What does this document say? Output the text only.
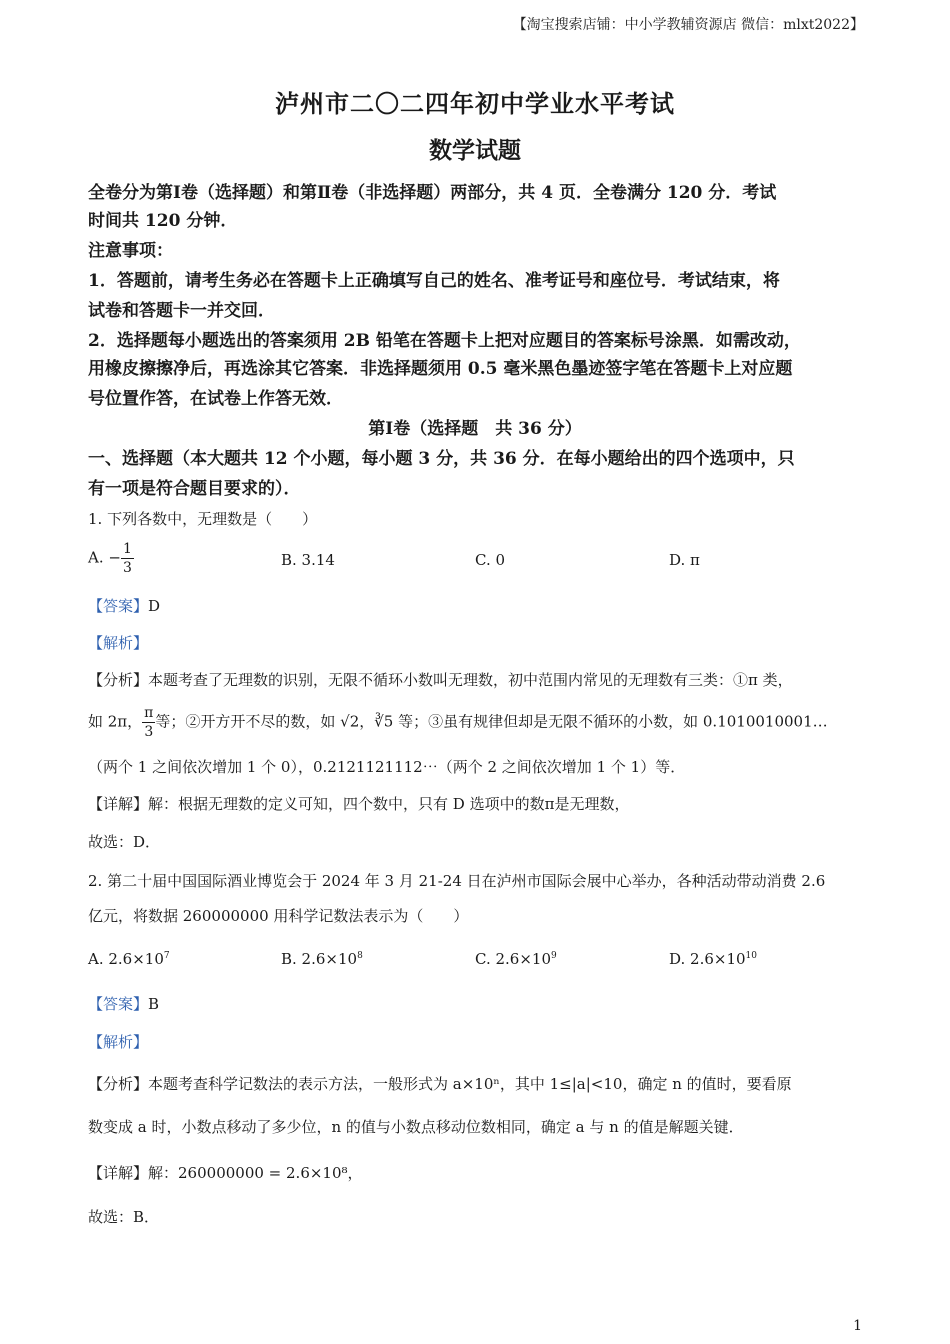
【淘宝搜索店铺：中小学教辅资源店 微信：mlxt2022】
泸州市二〇二四年初中学业水平考试
数学试题
全卷分为第Ⅰ卷（选择题）和第Ⅱ卷（非选择题）两部分，共 4 页．全卷满分 120 分．考试
时间共 120 分钟．
注意事项：
1．答题前，请考生务必在答题卡上正确填写自己的姓名、准考证号和座位号．考试结束，将
试卷和答题卡一并交回．
2．选择题每小题选出的答案须用 2B 铅笔在答题卡上把对应题目的答案标号涂黑．如需改动，
用橡皮擦擦净后，再选涂其它答案．非选择题须用 0.5 毫米黑色墨迹签字笔在答题卡上对应题
号位置作答，在试卷上作答无效．
第Ⅰ卷（选择题　共 36 分）
一、选择题（本大题共 12 个小题，每小题 3 分，共 36 分．在每小题给出的四个选项中，只
有一项是符合题目要求的）．
1. 下列各数中，无理数是（　　）
A. − $\frac{1}{3}$	B. 3.14	C. 0	D. π
【答案】D
【解析】
【分析】本题考查了无理数的识别，无限不循环小数叫无理数，初中范围内常见的无理数有三类：①π 类，
如 2π， $\frac{\pi}{3}$ 等；②开方开不尽的数，如 √2，∛5 等；③虽有规律但却是无限不循环的小数，如 0.1010010001…
（两个 1 之间依次增加 1 个 0），0.2121121112⋯（两个 2 之间依次增加 1 个 1）等．
【详解】解：根据无理数的定义可知，四个数中，只有 D 选项中的数π是无理数，
故选：D．
2. 第二十届中国国际酒业博览会于 2024 年 3 月 21-24 日在泸州市国际会展中心举办，各种活动带动消费 2.6
亿元，将数据 260000000 用科学记数法表示为（　　）
A. $2.6\times 10^7$	B. $2.6\times 10^8$	C. $2.6\times 10^9$	D. $2.6\times 10^{10}$
【答案】B
【解析】
【分析】本题考查科学记数法的表示方法，一般形式为 a×10ⁿ，其中 1≤|a|<10，确定 n 的值时，要看原
数变成 a 时，小数点移动了多少位，n 的值与小数点移动位数相同，确定 a 与 n 的值是解题关键．
【详解】解：260000000 = 2.6×10⁸，
故选：B．
1
